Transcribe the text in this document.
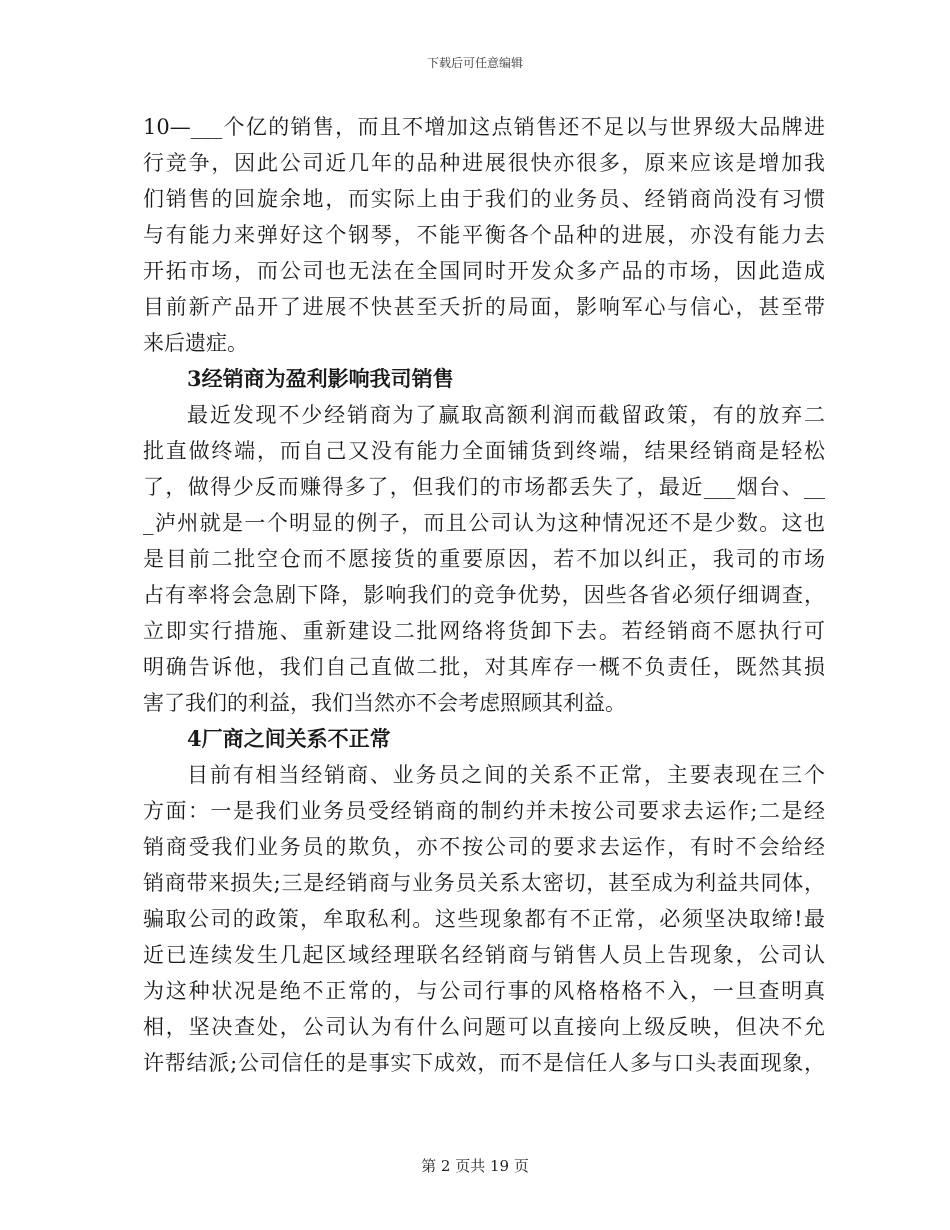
下载后可任意编辑
10—___个亿的销售，而且不增加这点销售还不足以与世界级大品牌进
行竞争，因此公司近几年的品种进展很快亦很多，原来应该是增加我
们销售的回旋余地，而实际上由于我们的业务员、经销商尚没有习惯
与有能力来弹好这个钢琴，不能平衡各个品种的进展，亦没有能力去
开拓市场，而公司也无法在全国同时开发众多产品的市场，因此造成
目前新产品开了进展不快甚至夭折的局面，影响军心与信心，甚至带
来后遗症。
3经销商为盈利影响我司销售
最近发现不少经销商为了赢取高额利润而截留政策，有的放弃二
批直做终端，而自己又没有能力全面铺货到终端，结果经销商是轻松
了，做得少反而赚得多了，但我们的市场都丢失了，最近___烟台、__
_泸州就是一个明显的例子，而且公司认为这种情况还不是少数。这也
是目前二批空仓而不愿接货的重要原因，若不加以纠正，我司的市场
占有率将会急剧下降，影响我们的竞争优势，因些各省必须仔细调查，
立即实行措施、重新建设二批网络将货卸下去。若经销商不愿执行可
明确告诉他，我们自己直做二批，对其库存一概不负责任，既然其损
害了我们的利益，我们当然亦不会考虑照顾其利益。
4厂商之间关系不正常
目前有相当经销商、业务员之间的关系不正常，主要表现在三个
方面：一是我们业务员受经销商的制约并未按公司要求去运作;二是经
销商受我们业务员的欺负，亦不按公司的要求去运作，有时不会给经
销商带来损失;三是经销商与业务员关系太密切，甚至成为利益共同体，
骗取公司的政策，牟取私利。这些现象都有不正常，必须坚决取缔!最
近已连续发生几起区域经理联名经销商与销售人员上告现象，公司认
为这种状况是绝不正常的，与公司行事的风格格格不入，一旦查明真
相，坚决查处，公司认为有什么问题可以直接向上级反映，但决不允
许帮结派;公司信任的是事实下成效，而不是信任人多与口头表面现象，
第 2 页共 19 页
